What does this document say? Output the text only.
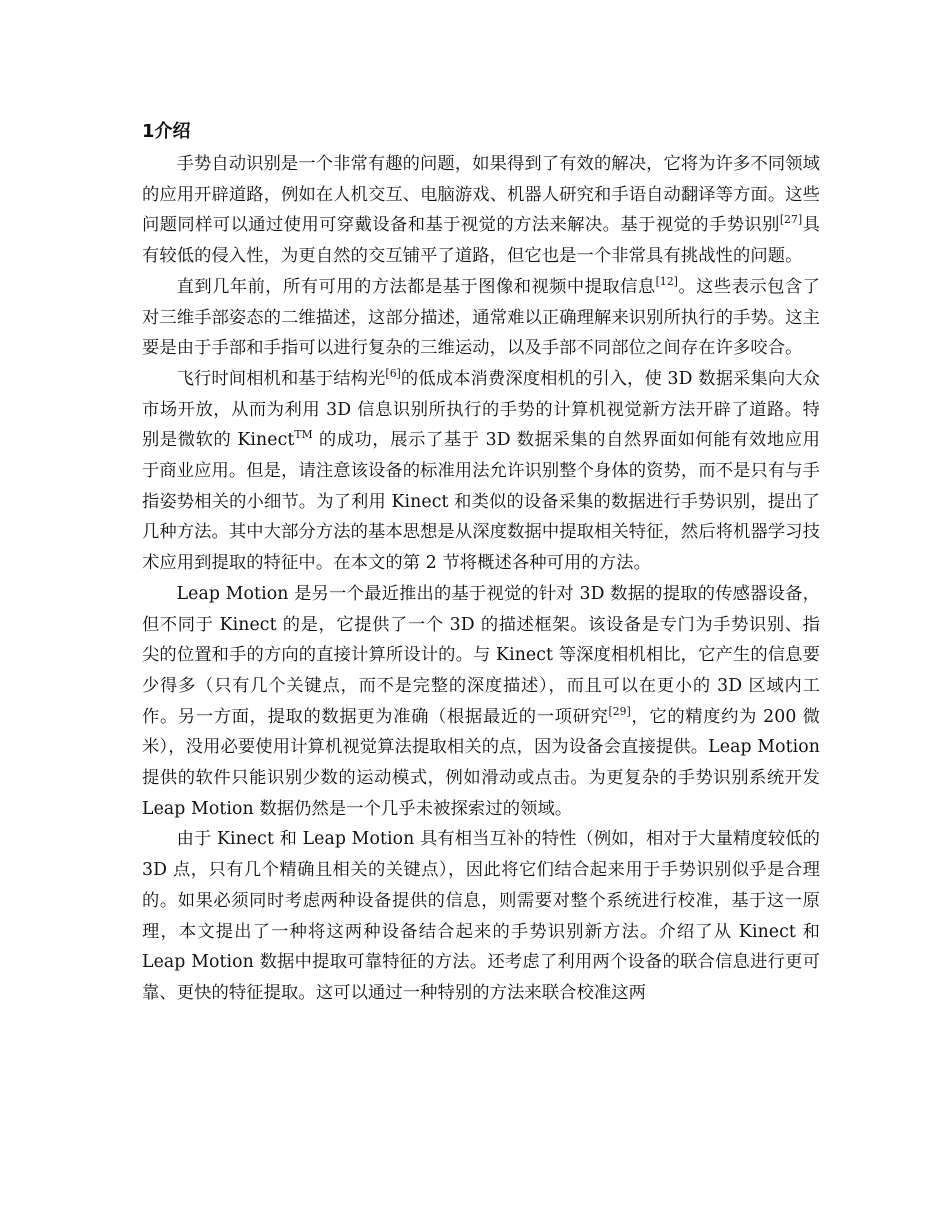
1介绍

手势自动识别是一个非常有趣的问题，如果得到了有效的解决，它将为许多不同领域的应用开辟道路，例如在人机交互、电脑游戏、机器人研究和手语自动翻译等方面。这些问题同样可以通过使用可穿戴设备和基于视觉的方法来解决。基于视觉的手势识别[27]具有较低的侵入性，为更自然的交互铺平了道路，但它也是一个非常具有挑战性的问题。

直到几年前，所有可用的方法都是基于图像和视频中提取信息[12]。这些表示包含了对三维手部姿态的二维描述，这部分描述，通常难以正确理解来识别所执行的手势。这主要是由于手部和手指可以进行复杂的三维运动，以及手部不同部位之间存在许多咬合。

飞行时间相机和基于结构光[6]的低成本消费深度相机的引入，使 3D 数据采集向大众市场开放，从而为利用 3D 信息识别所执行的手势的计算机视觉新方法开辟了道路。特别是微软的 Kinect™ 的成功，展示了基于 3D 数据采集的自然界面如何能有效地应用于商业应用。但是，请注意该设备的标准用法允许识别整个身体的资势，而不是只有与手指姿势相关的小细节。为了利用 Kinect 和类似的设备采集的数据进行手势识别，提出了几种方法。其中大部分方法的基本思想是从深度数据中提取相关特征，然后将机器学习技术应用到提取的特征中。在本文的第 2 节将概述各种可用的方法。

Leap Motion 是另一个最近推出的基于视觉的针对 3D 数据的提取的传感器设备，但不同于 Kinect 的是，它提供了一个 3D 的描述框架。该设备是专门为手势识别、指尖的位置和手的方向的直接计算所设计的。与 Kinect 等深度相机相比，它产生的信息要少得多（只有几个关键点，而不是完整的深度描述），而且可以在更小的 3D 区域内工作。另一方面，提取的数据更为准确（根据最近的一项研究[29]，它的精度约为 200 微米），没用必要使用计算机视觉算法提取相关的点，因为设备会直接提供。Leap Motion 提供的软件只能识别少数的运动模式，例如滑动或点击。为更复杂的手势识别系统开发 Leap Motion 数据仍然是一个几乎未被探索过的领域。

由于 Kinect 和 Leap Motion 具有相当互补的特性（例如，相对于大量精度较低的 3D 点，只有几个精确且相关的关键点），因此将它们结合起来用于手势识别似乎是合理的。如果必须同时考虑两种设备提供的信息，则需要对整个系统进行校准，基于这一原理，本文提出了一种将这两种设备结合起来的手势识别新方法。介绍了从 Kinect 和 Leap Motion 数据中提取可靠特征的方法。还考虑了利用两个设备的联合信息进行更可靠、更快的特征提取。这可以通过一种特别的方法来联合校准这两
